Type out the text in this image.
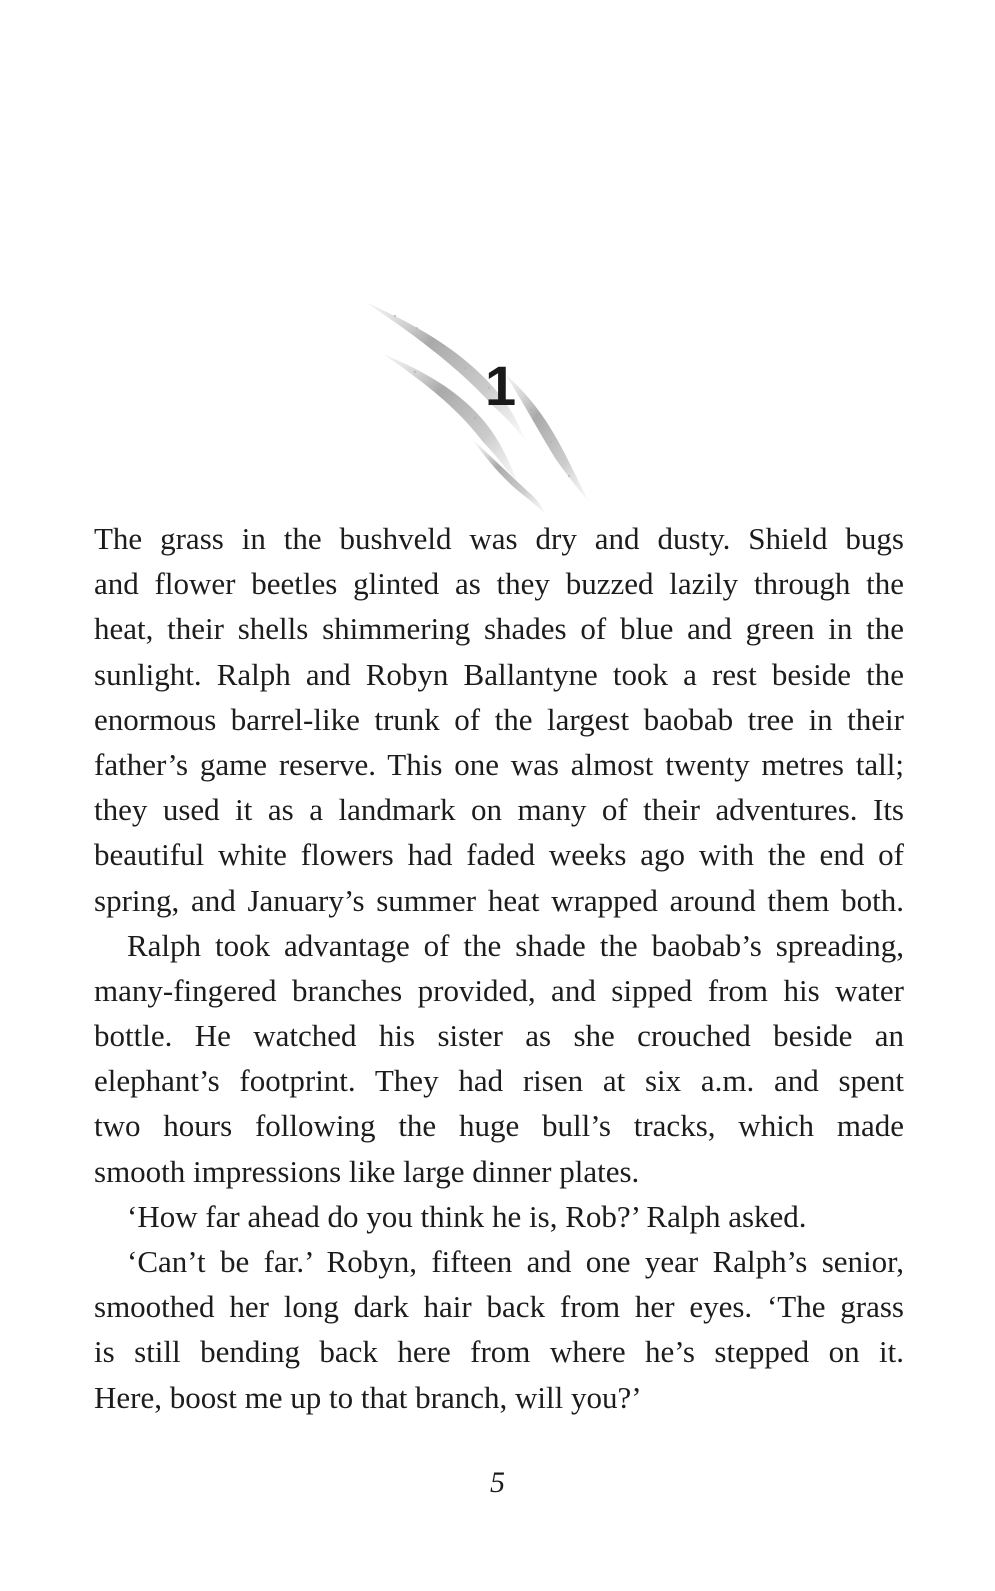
1
The grass in the bushveld was dry and dusty. Shield bugs
and flower beetles glinted as they buzzed lazily through the
heat, their shells shimmering shades of blue and green in the
sunlight. Ralph and Robyn Ballantyne took a rest beside the
enormous barrel-like trunk of the largest baobab tree in their
father’s game reserve. This one was almost twenty metres tall;
they used it as a landmark on many of their adventures. Its
beautiful white flowers had faded weeks ago with the end of
spring, and January’s summer heat wrapped around them both.
Ralph took advantage of the shade the baobab’s spreading,
many-fingered branches provided, and sipped from his water
bottle. He watched his sister as she crouched beside an
elephant’s footprint. They had risen at six a.m. and spent
two hours following the huge bull’s tracks, which made
smooth impressions like large dinner plates.
‘How far ahead do you think he is, Rob?’ Ralph asked.
‘Can’t be far.’ Robyn, fifteen and one year Ralph’s senior,
smoothed her long dark hair back from her eyes. ‘The grass
is still bending back here from where he’s stepped on it.
Here, boost me up to that branch, will you?’
5
